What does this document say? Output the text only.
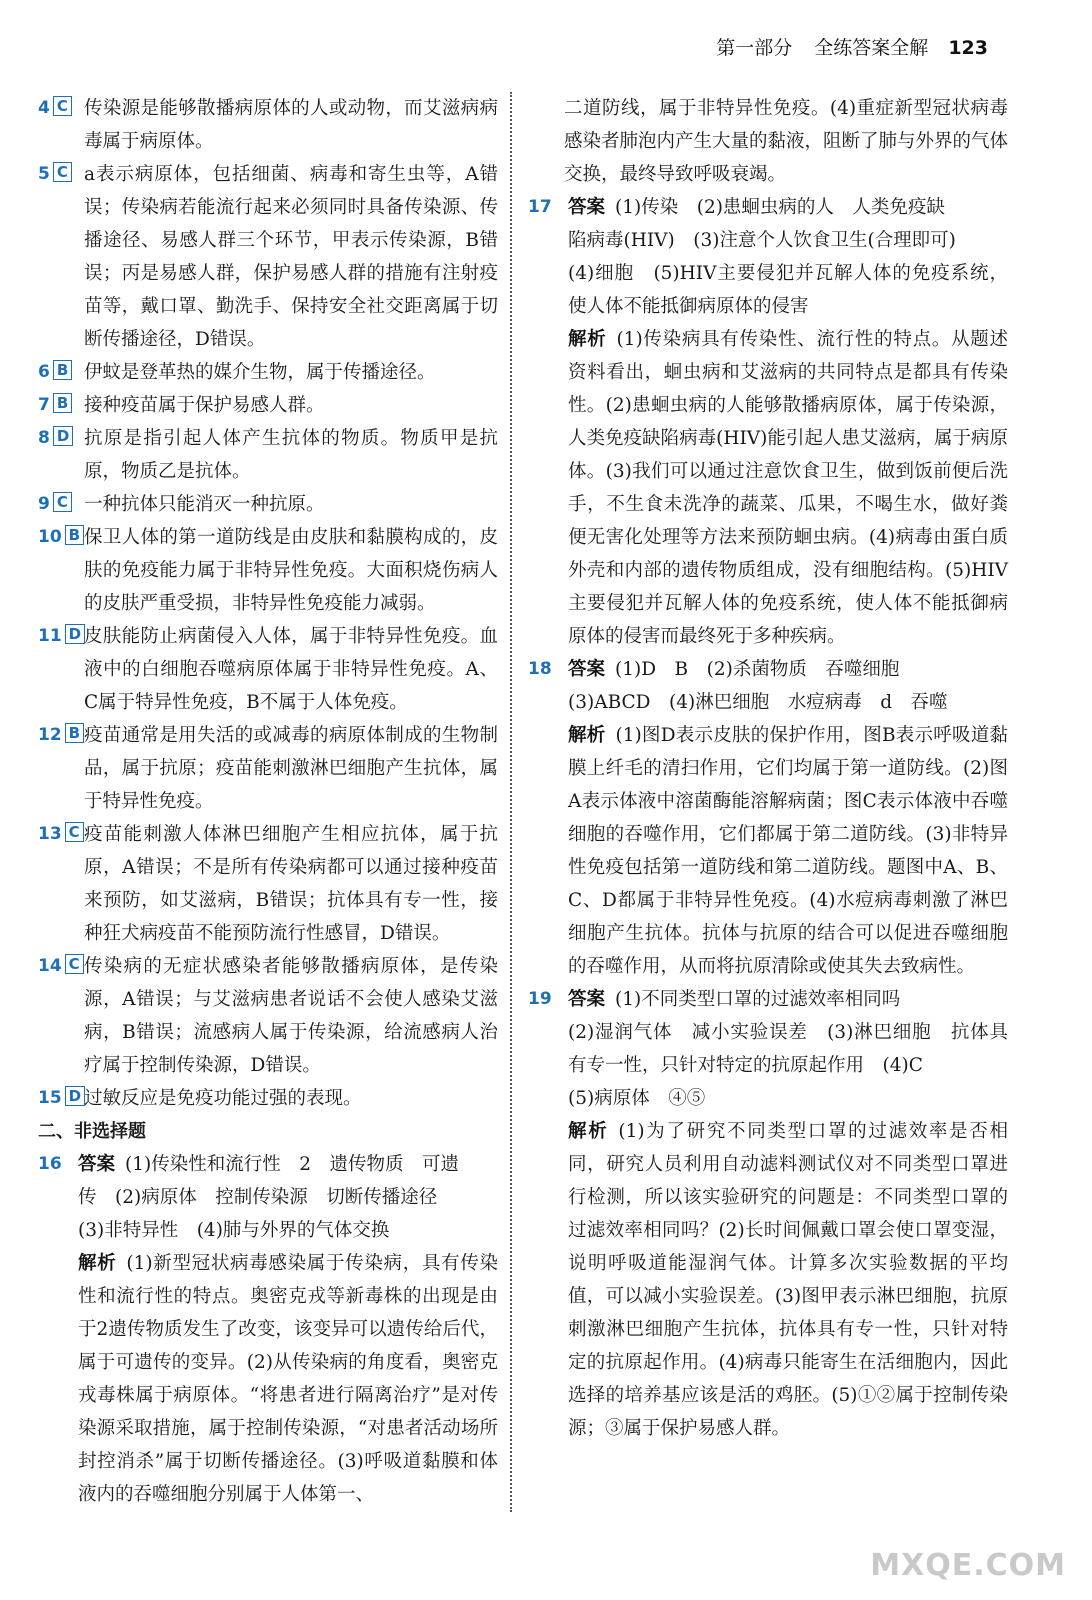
第一部分 全练答案全解 123
4 C 传染源是能够散播病原体的人或动物，而艾滋病病毒属于病原体。
5 C a表示病原体，包括细菌、病毒和寄生虫等，A错误；传染病若能流行起来必须同时具备传染源、传播途径、易感人群三个环节，甲表示传染源，B错误；丙是易感人群，保护易感人群的措施有注射疫苗等，戴口罩、勤洗手、保持安全社交距离属于切断传播途径，D错误。
6 B 伊蚊是登革热的媒介生物，属于传播途径。
7 B 接种疫苗属于保护易感人群。
8 D 抗原是指引起人体产生抗体的物质。物质甲是抗原，物质乙是抗体。
9 C 一种抗体只能消灭一种抗原。
10 B 保卫人体的第一道防线是由皮肤和黏膜构成的，皮肤的免疫能力属于非特异性免疫。大面积烧伤病人的皮肤严重受损，非特异性免疫能力减弱。
11 D 皮肤能防止病菌侵入人体，属于非特异性免疫。血液中的白细胞吞噬病原体属于非特异性免疫。A、C属于特异性免疫，B不属于人体免疫。
12 B 疫苗通常是用失活的或减毒的病原体制成的生物制品，属于抗原；疫苗能刺激淋巴细胞产生抗体，属于特异性免疫。
13 C 疫苗能刺激人体淋巴细胞产生相应抗体，属于抗原，A错误；不是所有传染病都可以通过接种疫苗来预防，如艾滋病，B错误；抗体具有专一性，接种狂犬病疫苗不能预防流行性感冒，D错误。
14 C 传染病的无症状感染者能够散播病原体，是传染源，A错误；与艾滋病患者说话不会使人感染艾滋病，B错误；流感病人属于传染源，给流感病人治疗属于控制传染源，D错误。
15 D 过敏反应是免疫功能过强的表现。
二、非选择题
16 答案 (1)传染性和流行性　2　遗传物质　可遗
传　(2)病原体　控制传染源　切断传播途径
(3)非特异性　(4)肺与外界的气体交换
解析 (1)新型冠状病毒感染属于传染病，具有传染性和流行性的特点。奥密克戎等新毒株的出现是由于2遗传物质发生了改变，该变异可以遗传给后代，属于可遗传的变异。(2)从传染病的角度看，奥密克戎毒株属于病原体。“将患者进行隔离治疗”是对传染源采取措施，属于控制传染源，“对患者活动场所封控消杀”属于切断传播途径。(3)呼吸道黏膜和体液内的吞噬细胞分别属于人体第一、
二道防线，属于非特异性免疫。(4)重症新型冠状病毒感染者肺泡内产生大量的黏液，阻断了肺与外界的气体交换，最终导致呼吸衰竭。
17 答案 (1)传染　(2)患蛔虫病的人　人类免疫缺
陷病毒(HIV)　(3)注意个人饮食卫生(合理即可)
(4)细胞　(5)HIV主要侵犯并瓦解人体的免疫系统，使人体不能抵御病原体的侵害
解析 (1)传染病具有传染性、流行性的特点。从题述资料看出，蛔虫病和艾滋病的共同特点是都具有传染性。(2)患蛔虫病的人能够散播病原体，属于传染源，人类免疫缺陷病毒(HIV)能引起人患艾滋病，属于病原体。(3)我们可以通过注意饮食卫生，做到饭前便后洗手，不生食未洗净的蔬菜、瓜果，不喝生水，做好粪便无害化处理等方法来预防蛔虫病。(4)病毒由蛋白质外壳和内部的遗传物质组成，没有细胞结构。(5)HIV主要侵犯并瓦解人体的免疫系统，使人体不能抵御病原体的侵害而最终死于多种疾病。
18 答案 (1)D　B　(2)杀菌物质　吞噬细胞
(3)ABCD　(4)淋巴细胞　水痘病毒　d　吞噬
解析 (1)图D表示皮肤的保护作用，图B表示呼吸道黏膜上纤毛的清扫作用，它们均属于第一道防线。(2)图A表示体液中溶菌酶能溶解病菌；图C表示体液中吞噬细胞的吞噬作用，它们都属于第二道防线。(3)非特异性免疫包括第一道防线和第二道防线。题图中A、B、C、D都属于非特异性免疫。(4)水痘病毒刺激了淋巴细胞产生抗体。抗体与抗原的结合可以促进吞噬细胞的吞噬作用，从而将抗原清除或使其失去致病性。
19 答案 (1)不同类型口罩的过滤效率相同吗
(2)湿润气体　减小实验误差　(3)淋巴细胞　抗体具有专一性，只针对特定的抗原起作用　(4)C
(5)病原体　④⑤
解析 (1)为了研究不同类型口罩的过滤效率是否相同，研究人员利用自动滤料测试仪对不同类型口罩进行检测，所以该实验研究的问题是：不同类型口罩的过滤效率相同吗？(2)长时间佩戴口罩会使口罩变湿，说明呼吸道能湿润气体。计算多次实验数据的平均值，可以减小实验误差。(3)图甲表示淋巴细胞，抗原刺激淋巴细胞产生抗体，抗体具有专一性，只针对特定的抗原起作用。(4)病毒只能寄生在活细胞内，因此选择的培养基应该是活的鸡胚。(5)①②属于控制传染源；③属于保护易感人群。
MXQE.COM
